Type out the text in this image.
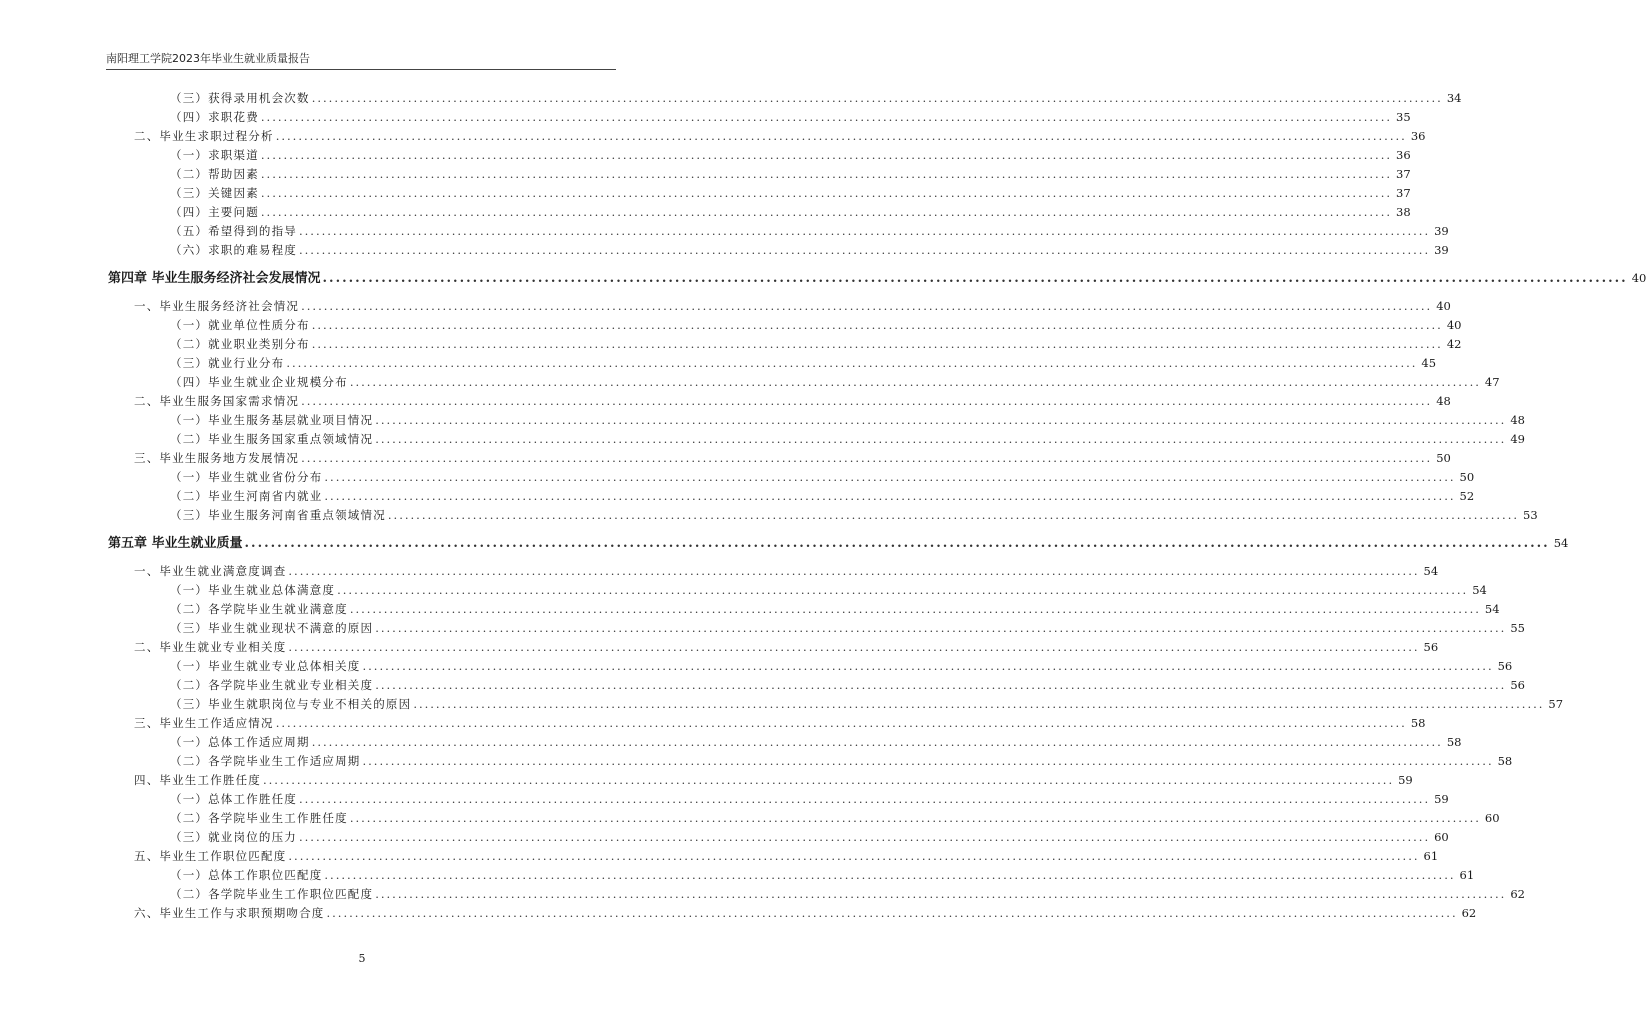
南阳理工学院2023年毕业生就业质量报告
（三）获得录用机会次数 ........................................................................................................................................................................................................ 34
（四）求职花费 ........................................................................................................................................................................................................ 35
二、毕业生求职过程分析 ........................................................................................................................................................................................................ 36
（一）求职渠道 ........................................................................................................................................................................................................ 36
（二）帮助因素 ........................................................................................................................................................................................................ 37
（三）关键因素 ........................................................................................................................................................................................................ 37
（四）主要问题 ........................................................................................................................................................................................................ 38
（五）希望得到的指导 ........................................................................................................................................................................................................ 39
（六）求职的难易程度 ........................................................................................................................................................................................................ 39
第四章 毕业生服务经济社会发展情况 ........................................................................................................................................................................................................ 40
一、毕业生服务经济社会情况 ........................................................................................................................................................................................................ 40
（一）就业单位性质分布 ........................................................................................................................................................................................................ 40
（二）就业职业类别分布 ........................................................................................................................................................................................................ 42
（三）就业行业分布 ........................................................................................................................................................................................................ 45
（四）毕业生就业企业规模分布 ........................................................................................................................................................................................................ 47
二、毕业生服务国家需求情况 ........................................................................................................................................................................................................ 48
（一）毕业生服务基层就业项目情况 ........................................................................................................................................................................................................ 48
（二）毕业生服务国家重点领域情况 ........................................................................................................................................................................................................ 49
三、毕业生服务地方发展情况 ........................................................................................................................................................................................................ 50
（一）毕业生就业省份分布 ........................................................................................................................................................................................................ 50
（二）毕业生河南省内就业 ........................................................................................................................................................................................................ 52
（三）毕业生服务河南省重点领域情况 ........................................................................................................................................................................................................ 53
第五章 毕业生就业质量 ........................................................................................................................................................................................................ 54
一、毕业生就业满意度调查 ........................................................................................................................................................................................................ 54
（一）毕业生就业总体满意度 ........................................................................................................................................................................................................ 54
（二）各学院毕业生就业满意度 ........................................................................................................................................................................................................ 54
（三）毕业生就业现状不满意的原因 ........................................................................................................................................................................................................ 55
二、毕业生就业专业相关度 ........................................................................................................................................................................................................ 56
（一）毕业生就业专业总体相关度 ........................................................................................................................................................................................................ 56
（二）各学院毕业生就业专业相关度 ........................................................................................................................................................................................................ 56
（三）毕业生就职岗位与专业不相关的原因 ........................................................................................................................................................................................................ 57
三、毕业生工作适应情况 ........................................................................................................................................................................................................ 58
（一）总体工作适应周期 ........................................................................................................................................................................................................ 58
（二）各学院毕业生工作适应周期 ........................................................................................................................................................................................................ 58
四、毕业生工作胜任度 ........................................................................................................................................................................................................ 59
（一）总体工作胜任度 ........................................................................................................................................................................................................ 59
（二）各学院毕业生工作胜任度 ........................................................................................................................................................................................................ 60
（三）就业岗位的压力 ........................................................................................................................................................................................................ 60
五、毕业生工作职位匹配度 ........................................................................................................................................................................................................ 61
（一）总体工作职位匹配度 ........................................................................................................................................................................................................ 61
（二）各学院毕业生工作职位匹配度 ........................................................................................................................................................................................................ 62
六、毕业生工作与求职预期吻合度 ........................................................................................................................................................................................................ 62
5
